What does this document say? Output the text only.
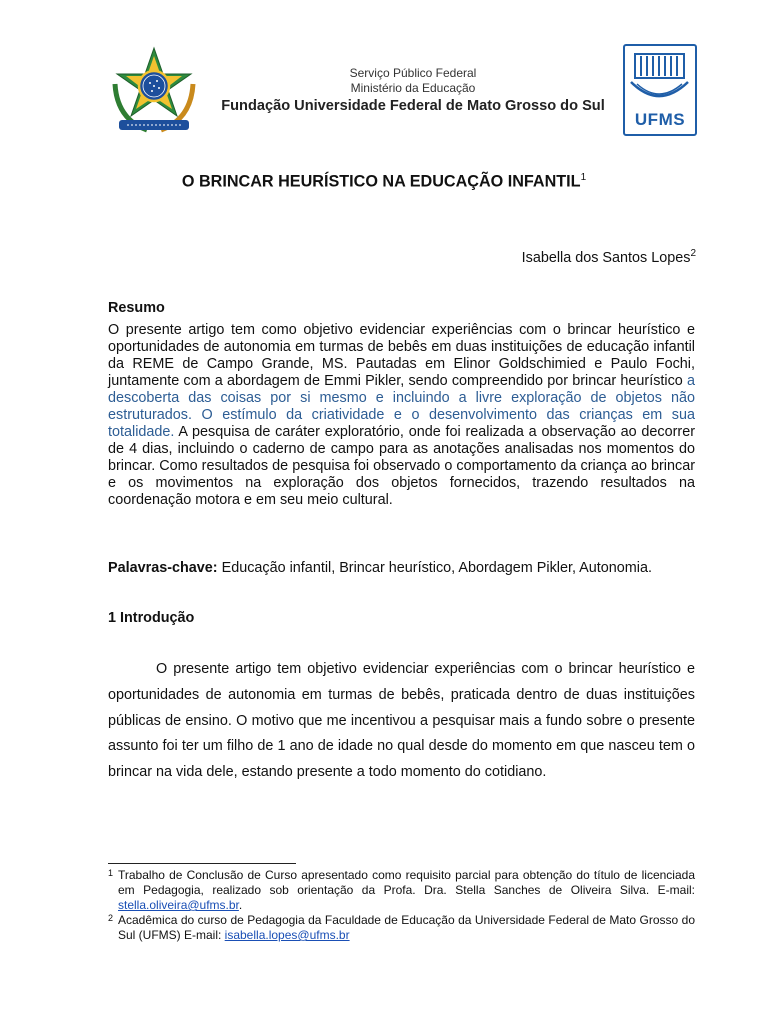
Serviço Público Federal
Ministério da Educação
Fundação Universidade Federal de Mato Grosso do Sul
UFMS
O BRINCAR HEURÍSTICO NA EDUCAÇÃO INFANTIL$^1$
Isabella dos Santos Lopes$^2$
Resumo
O presente artigo tem como objetivo evidenciar experiências com o brincar heurístico e oportunidades de autonomia em turmas de bebês em duas instituições de educação infantil da REME de Campo Grande, MS. Pautadas em Elinor Goldschimied e Paulo Fochi, juntamente com a abordagem de Emmi Pikler, sendo compreendido por brincar heurístico a descoberta das coisas por si mesmo e incluindo a livre exploração de objetos não estruturados. O estímulo da criatividade e o desenvolvimento das crianças em sua totalidade. A pesquisa de caráter exploratório, onde foi realizada a observação ao decorrer de 4 dias, incluindo o caderno de campo para as anotações analisadas nos momentos do brincar. Como resultados de pesquisa foi observado o comportamento da criança ao brincar e os movimentos na exploração dos objetos fornecidos, trazendo resultados na coordenação motora e em seu meio cultural.
Palavras-chave: Educação infantil, Brincar heurístico, Abordagem Pikler, Autonomia.
1 Introdução
O presente artigo tem objetivo evidenciar experiências com o brincar heurístico e oportunidades de autonomia em turmas de bebês, praticada dentro de duas instituições públicas de ensino. O motivo que me incentivou a pesquisar mais a fundo sobre o presente assunto foi ter um filho de 1 ano de idade no qual desde do momento em que nasceu tem o brincar na vida dele, estando presente a todo momento do cotidiano.
1 Trabalho de Conclusão de Curso apresentado como requisito parcial para obtenção do título de licenciada em Pedagogia, realizado sob orientação da Profa. Dra. Stella Sanches de Oliveira Silva. E-mail: stella.oliveira@ufms.br.
2 Acadêmica do curso de Pedagogia da Faculdade de Educação da Universidade Federal de Mato Grosso do Sul (UFMS) E-mail: isabella.lopes@ufms.br
